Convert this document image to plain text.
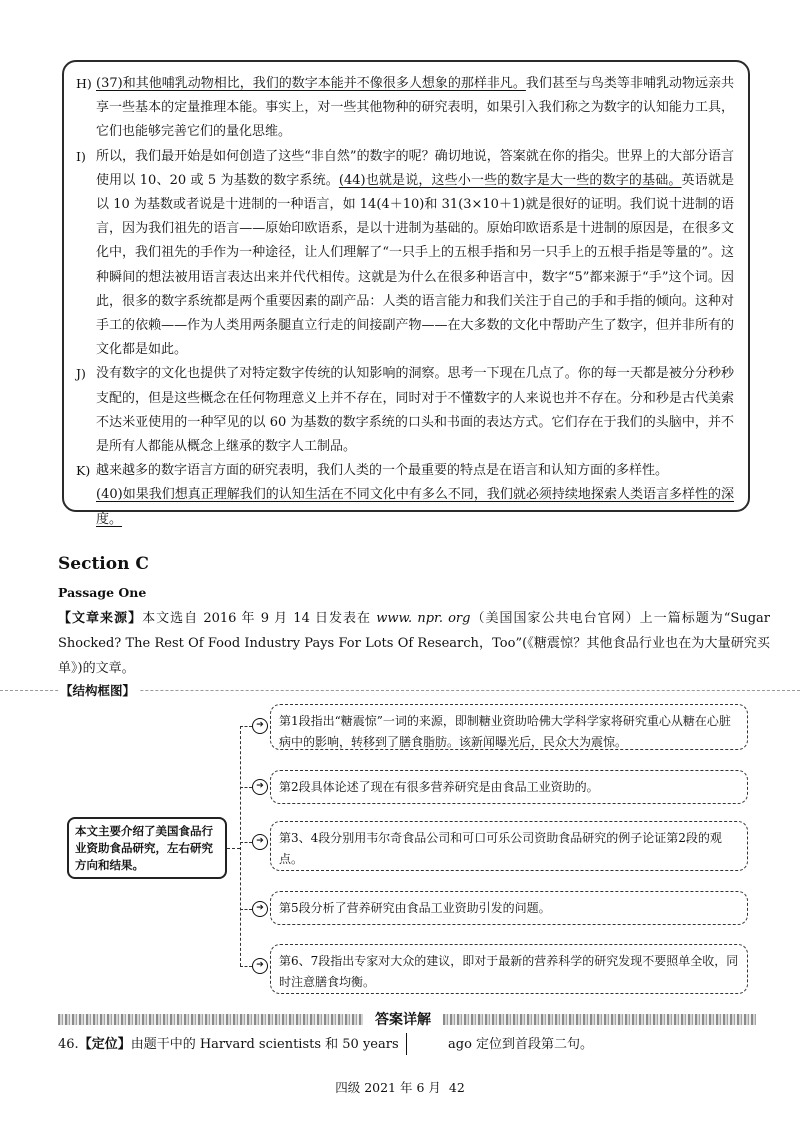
H) (37)和其他哺乳动物相比，我们的数字本能并不像很多人想象的那样非凡。我们甚至与鸟类等非哺乳动物远亲共享一些基本的定量推理本能。事实上，对一些其他物种的研究表明，如果引入我们称之为数字的认知能力工具，它们也能够完善它们的量化思维。

I) 所以，我们最开始是如何创造了这些“非自然”的数字的呢？确切地说，答案就在你的指尖。世界上的大部分语言使用以 10、20 或 5 为基数的数字系统。(44)也就是说，这些小一些的数字是大一些的数字的基础。英语就是以 10 为基数或者说是十进制的一种语言，如 14(4＋10)和 31(3×10＋1)就是很好的证明。我们说十进制的语言，因为我们祖先的语言——原始印欧语系，是以十进制为基础的。原始印欧语系是十进制的原因是，在很多文化中，我们祖先的手作为一种途径，让人们理解了“一只手上的五根手指和另一只手上的五根手指是等量的”。这种瞬间的想法被用语言表达出来并代代相传。这就是为什么在很多种语言中，数字“5”都来源于“手”这个词。因此，很多的数字系统都是两个重要因素的副产品：人类的语言能力和我们关注于自己的手和手指的倾向。这种对手工的依赖——作为人类用两条腿直立行走的间接副产物——在大多数的文化中帮助产生了数字，但并非所有的文化都是如此。

J) 没有数字的文化也提供了对特定数字传统的认知影响的洞察。思考一下现在几点了。你的每一天都是被分分秒秒支配的，但是这些概念在任何物理意义上并不存在，同时对于不懂数字的人来说也并不存在。分和秒是古代美索不达米亚使用的一种罕见的以 60 为基数的数字系统的口头和书面的表达方式。它们存在于我们的头脑中，并不是所有人都能从概念上继承的数字人工制品。

K) 越来越多的数字语言方面的研究表明，我们人类的一个最重要的特点是在语言和认知方面的多样性。
(40)如果我们想真正理解我们的认知生活在不同文化中有多么不同，我们就必须持续地探索人类语言多样性的深度。

Section C
Passage One

【文章来源】本文选自 2016 年 9 月 14 日发表在 www. npr. org（美国国家公共电台官网）上一篇标题为“Sugar Shocked? The Rest Of Food Industry Pays For Lots Of Research，Too”(《糖震惊？其他食品行业也在为大量研究买单》)的文章。

【结构框图】
本文主要介绍了美国食品行业资助食品研究，左右研究方向和结果。
➔	第1段指出“糖震惊”一词的来源，即制糖业资助哈佛大学科学家将研究重心从糖在心脏病中的影响，转移到了膳食脂肪。该新闻曝光后，民众大为震惊。
➔	第2段具体论述了现在有很多营养研究是由食品工业资助的。
➔	第3、4段分别用韦尔奇食品公司和可口可乐公司资助食品研究的例子论证第2段的观点。
➔	第5段分析了营养研究由食品工业资助引发的问题。
➔	第6、7段指出专家对大众的建议，即对于最新的营养科学的研究发现不要照单全收，同时注意膳食均衡。
答案详解

46.【定位】由题干中的 Harvard scientists 和 50 years	ago 定位到首段第二句。

四级 2021 年 6 月 42
